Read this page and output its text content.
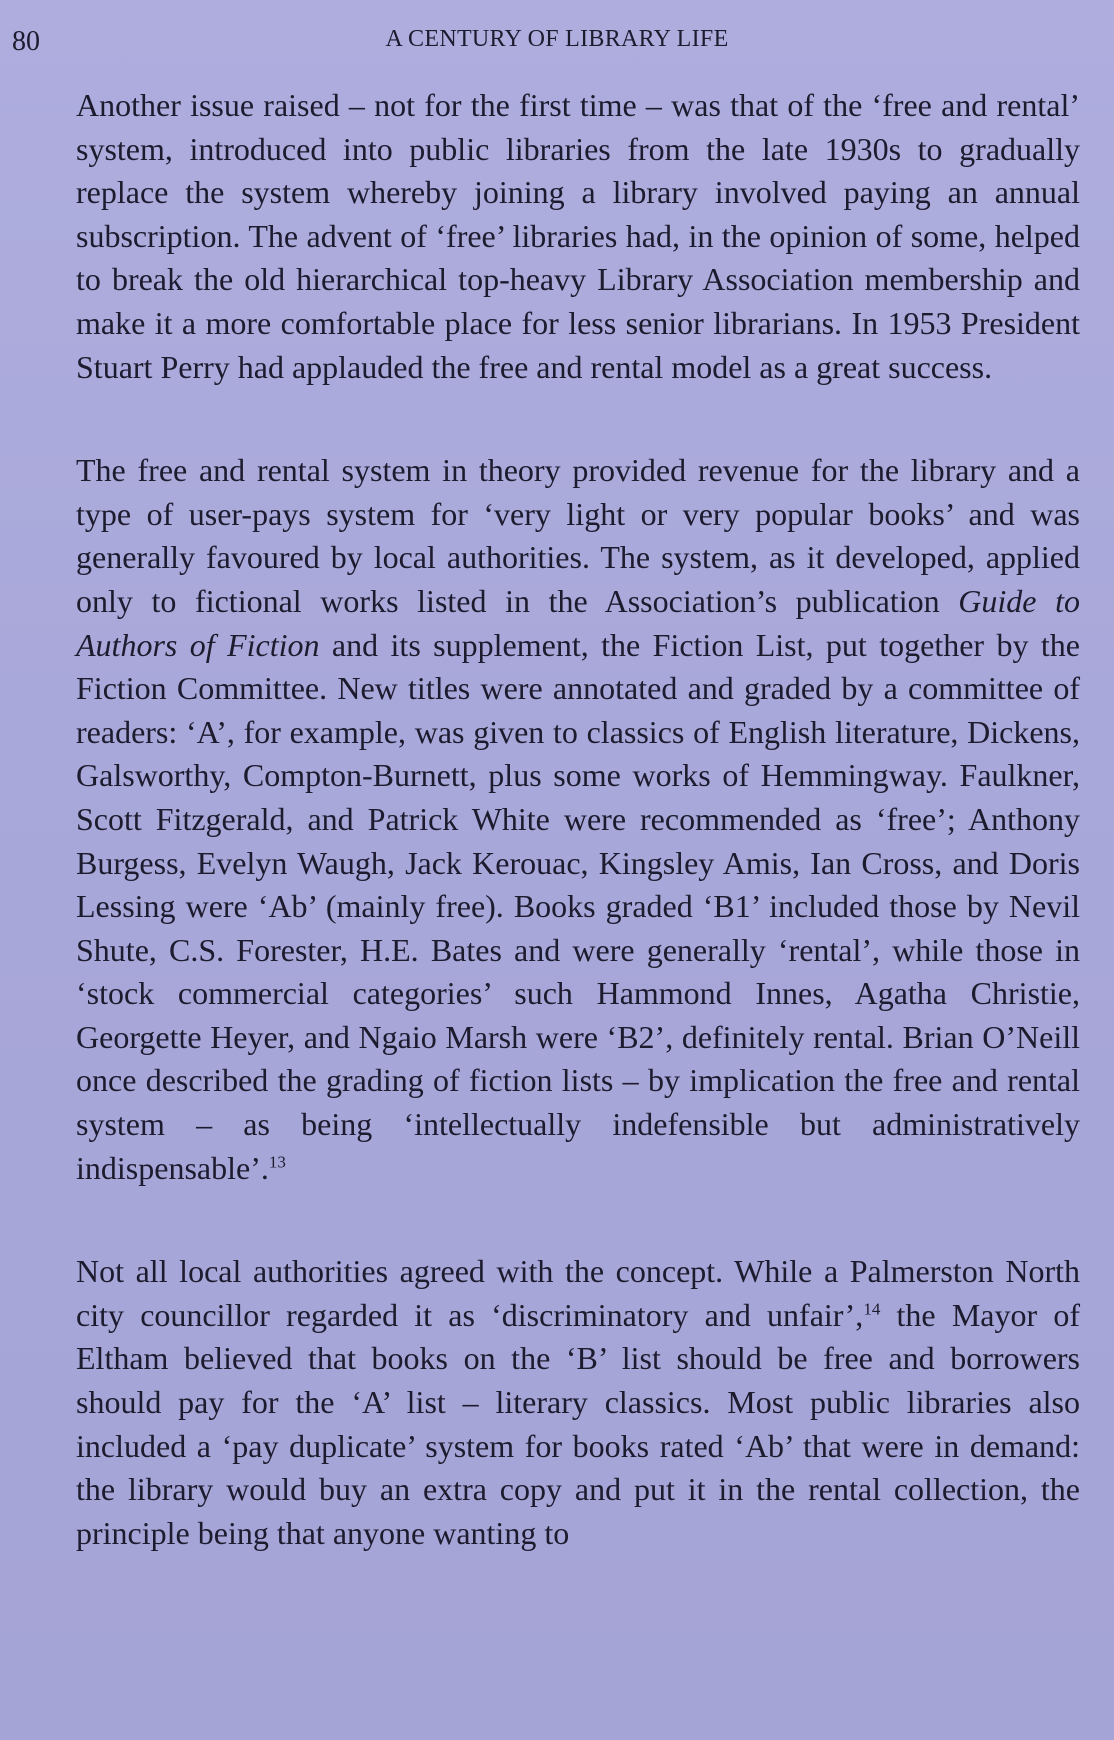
80	A CENTURY OF LIBRARY LIFE

Another issue raised – not for the first time – was that of the ‘free and rental’ system, introduced into public libraries from the late 1930s to gradually replace the system whereby joining a library involved paying an annual subscription. The advent of ‘free’ libraries had, in the opinion of some, helped to break the old hierarchical top-heavy Library Association membership and make it a more comfortable place for less senior librarians. In 1953 President Stuart Perry had applauded the free and rental model as a great success.

The free and rental system in theory provided revenue for the library and a type of user-pays system for ‘very light or very popular books’ and was generally favoured by local authorities. The system, as it developed, applied only to fictional works listed in the Association’s publication Guide to Authors of Fiction and its supplement, the Fiction List, put together by the Fiction Committee. New titles were annotated and graded by a committee of readers: ‘A’, for example, was given to classics of English literature, Dickens, Galsworthy, Compton-Burnett, plus some works of Hemmingway. Faulkner, Scott Fitzgerald, and Patrick White were recommended as ‘free’; Anthony Burgess, Evelyn Waugh, Jack Kerouac, Kingsley Amis, Ian Cross, and Doris Lessing were ‘Ab’ (mainly free). Books graded ‘B1’ included those by Nevil Shute, C.S. Forester, H.E. Bates and were generally ‘rental’, while those in ‘stock commercial categories’ such Hammond Innes, Agatha Christie, Georgette Heyer, and Ngaio Marsh were ‘B2’, definitely rental. Brian O’Neill once described the grading of fiction lists – by implication the free and rental system – as being ‘intellectually indefensible but administratively indispensable’.$^{13}$

Not all local authorities agreed with the concept. While a Palmerston North city councillor regarded it as ‘discriminatory and unfair’,$^{14}$ the Mayor of Eltham believed that books on the ‘B’ list should be free and borrowers should pay for the ‘A’ list – literary classics. Most public libraries also included a ‘pay duplicate’ system for books rated ‘Ab’ that were in demand: the library would buy an extra copy and put it in the rental collection, the principle being that anyone wanting to
